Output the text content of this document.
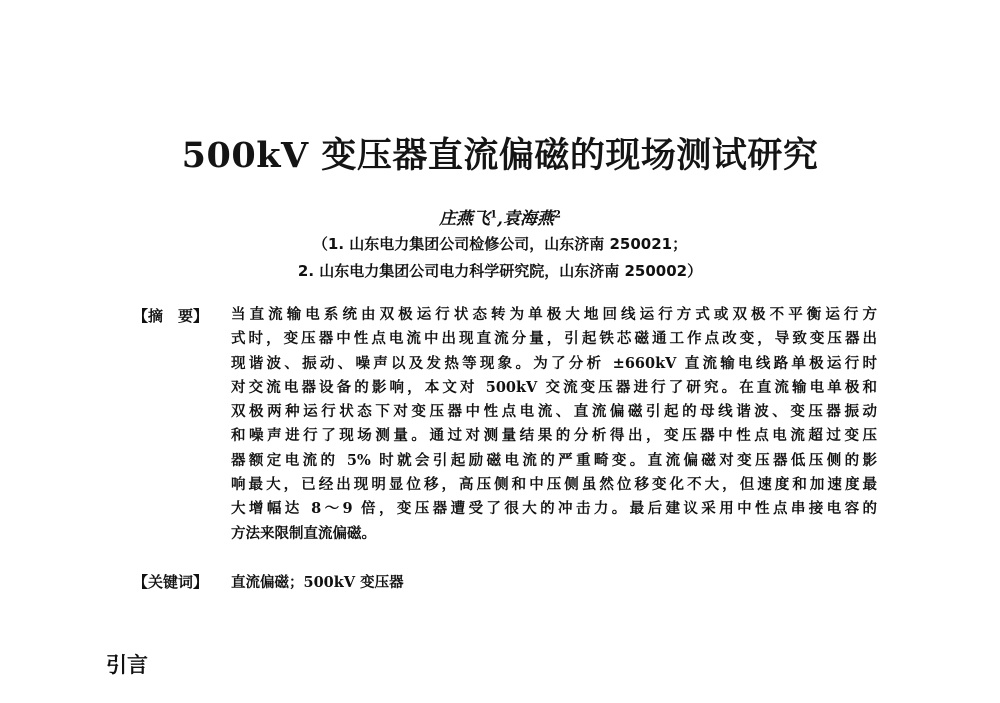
500kV 变压器直流偏磁的现场测试研究
庄燕飞$^1$,袁海燕$^2$
（1. 山东电力集团公司检修公司，山东济南 250021；
2. 山东电力集团公司电力科学研究院，山东济南 250002）
【摘　要】 当直流输电系统由双极运行状态转为单极大地回线运行方式或双极不平衡运行方
式时，变压器中性点电流中出现直流分量，引起铁芯磁通工作点改变，导致变压器出
现谐波、振动、噪声以及发热等现象。为了分析 ±660kV 直流输电线路单极运行时
对交流电器设备的影响，本文对 500kV 交流变压器进行了研究。在直流输电单极和
双极两种运行状态下对变压器中性点电流、直流偏磁引起的母线谐波、变压器振动
和噪声进行了现场测量。通过对测量结果的分析得出，变压器中性点电流超过变压
器额定电流的 5% 时就会引起励磁电流的严重畸变。直流偏磁对变压器低压侧的影
响最大，已经出现明显位移，高压侧和中压侧虽然位移变化不大，但速度和加速度最
大增幅达 8～9 倍，变压器遭受了很大的冲击力。最后建议采用中性点串接电容的
方法来限制直流偏磁。
【关键词】 直流偏磁；500kV 变压器
引言
